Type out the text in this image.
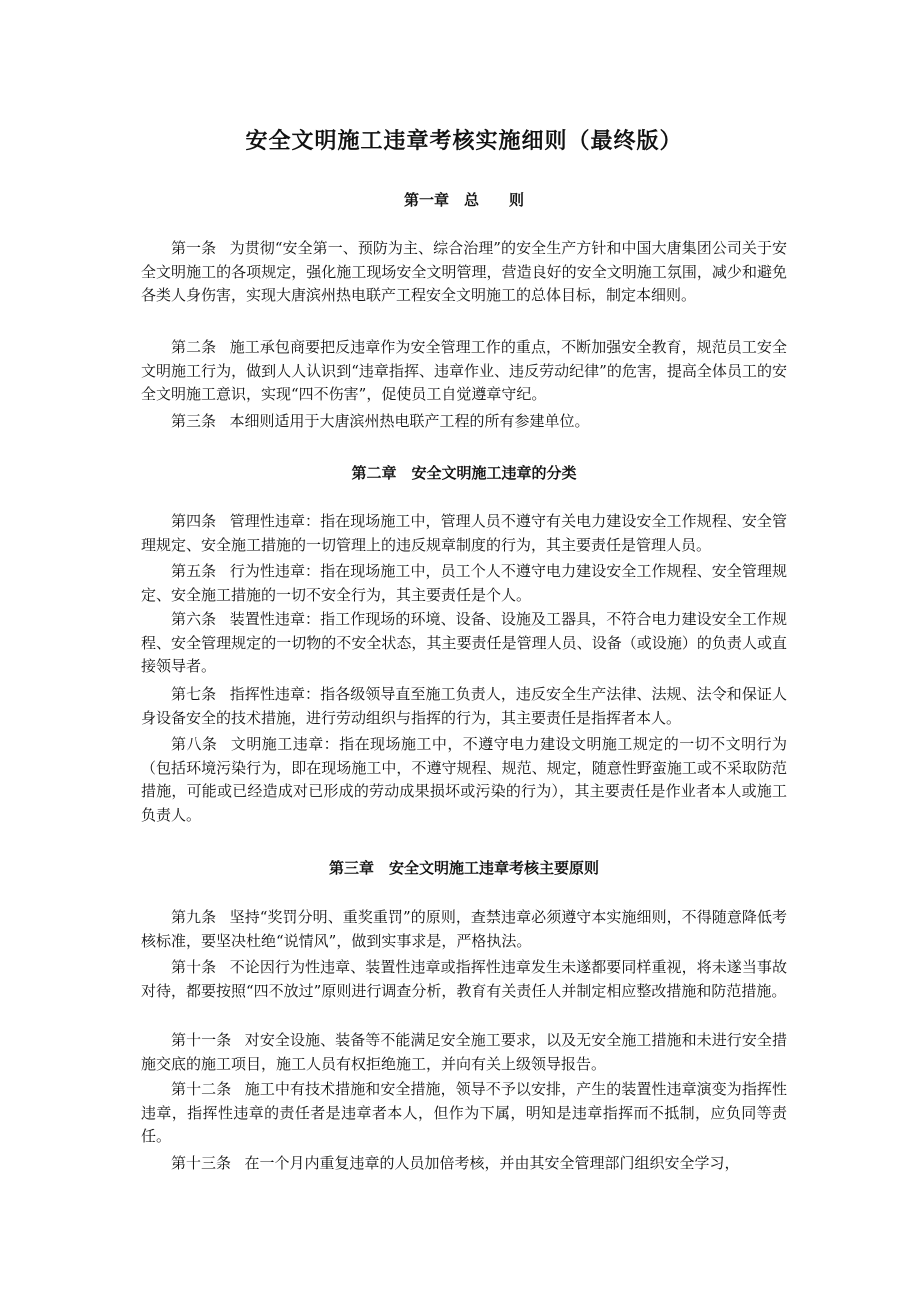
安全文明施工违章考核实施细则（最终版）
第一章　总　　则

第一条 为贯彻“安全第一、预防为主、综合治理”的安全生产方针和中国大唐集团公司关于安全文明施工的各项规定，强化施工现场安全文明管理，营造良好的安全文明施工氛围，减少和避免各类人身伤害，实现大唐滨州热电联产工程安全文明施工的总体目标，制定本细则。

第二条 施工承包商要把反违章作为安全管理工作的重点，不断加强安全教育，规范员工安全文明施工行为，做到人人认识到“违章指挥、违章作业、违反劳动纪律”的危害，提高全体员工的安全文明施工意识，实现“四不伤害”，促使员工自觉遵章守纪。

第三条 本细则适用于大唐滨州热电联产工程的所有参建单位。

第二章　安全文明施工违章的分类

第四条 管理性违章：指在现场施工中，管理人员不遵守有关电力建设安全工作规程、安全管理规定、安全施工措施的一切管理上的违反规章制度的行为，其主要责任是管理人员。

第五条 行为性违章：指在现场施工中，员工个人不遵守电力建设安全工作规程、安全管理规定、安全施工措施的一切不安全行为，其主要责任是个人。

第六条 装置性违章：指工作现场的环境、设备、设施及工器具，不符合电力建设安全工作规程、安全管理规定的一切物的不安全状态，其主要责任是管理人员、设备（或设施）的负责人或直接领导者。

第七条 指挥性违章：指各级领导直至施工负责人，违反安全生产法律、法规、法令和保证人身设备安全的技术措施，进行劳动组织与指挥的行为，其主要责任是指挥者本人。

第八条 文明施工违章：指在现场施工中，不遵守电力建设文明施工规定的一切不文明行为（包括环境污染行为，即在现场施工中，不遵守规程、规范、规定，随意性野蛮施工或不采取防范措施，可能或已经造成对已形成的劳动成果损坏或污染的行为），其主要责任是作业者本人或施工负责人。

第三章　安全文明施工违章考核主要原则

第九条 坚持“奖罚分明、重奖重罚”的原则，查禁违章必须遵守本实施细则，不得随意降低考核标准，要坚决杜绝“说情风”，做到实事求是，严格执法。

第十条 不论因行为性违章、装置性违章或指挥性违章发生未遂都要同样重视，将未遂当事故对待，都要按照“四不放过”原则进行调查分析，教育有关责任人并制定相应整改措施和防范措施。

第十一条 对安全设施、装备等不能满足安全施工要求，以及无安全施工措施和未进行安全措施交底的施工项目，施工人员有权拒绝施工，并向有关上级领导报告。

第十二条 施工中有技术措施和安全措施，领导不予以安排，产生的装置性违章演变为指挥性违章，指挥性违章的责任者是违章者本人，但作为下属，明知是违章指挥而不抵制，应负同等责任。

第十三条 在一个月内重复违章的人员加倍考核，并由其安全管理部门组织安全学习，
